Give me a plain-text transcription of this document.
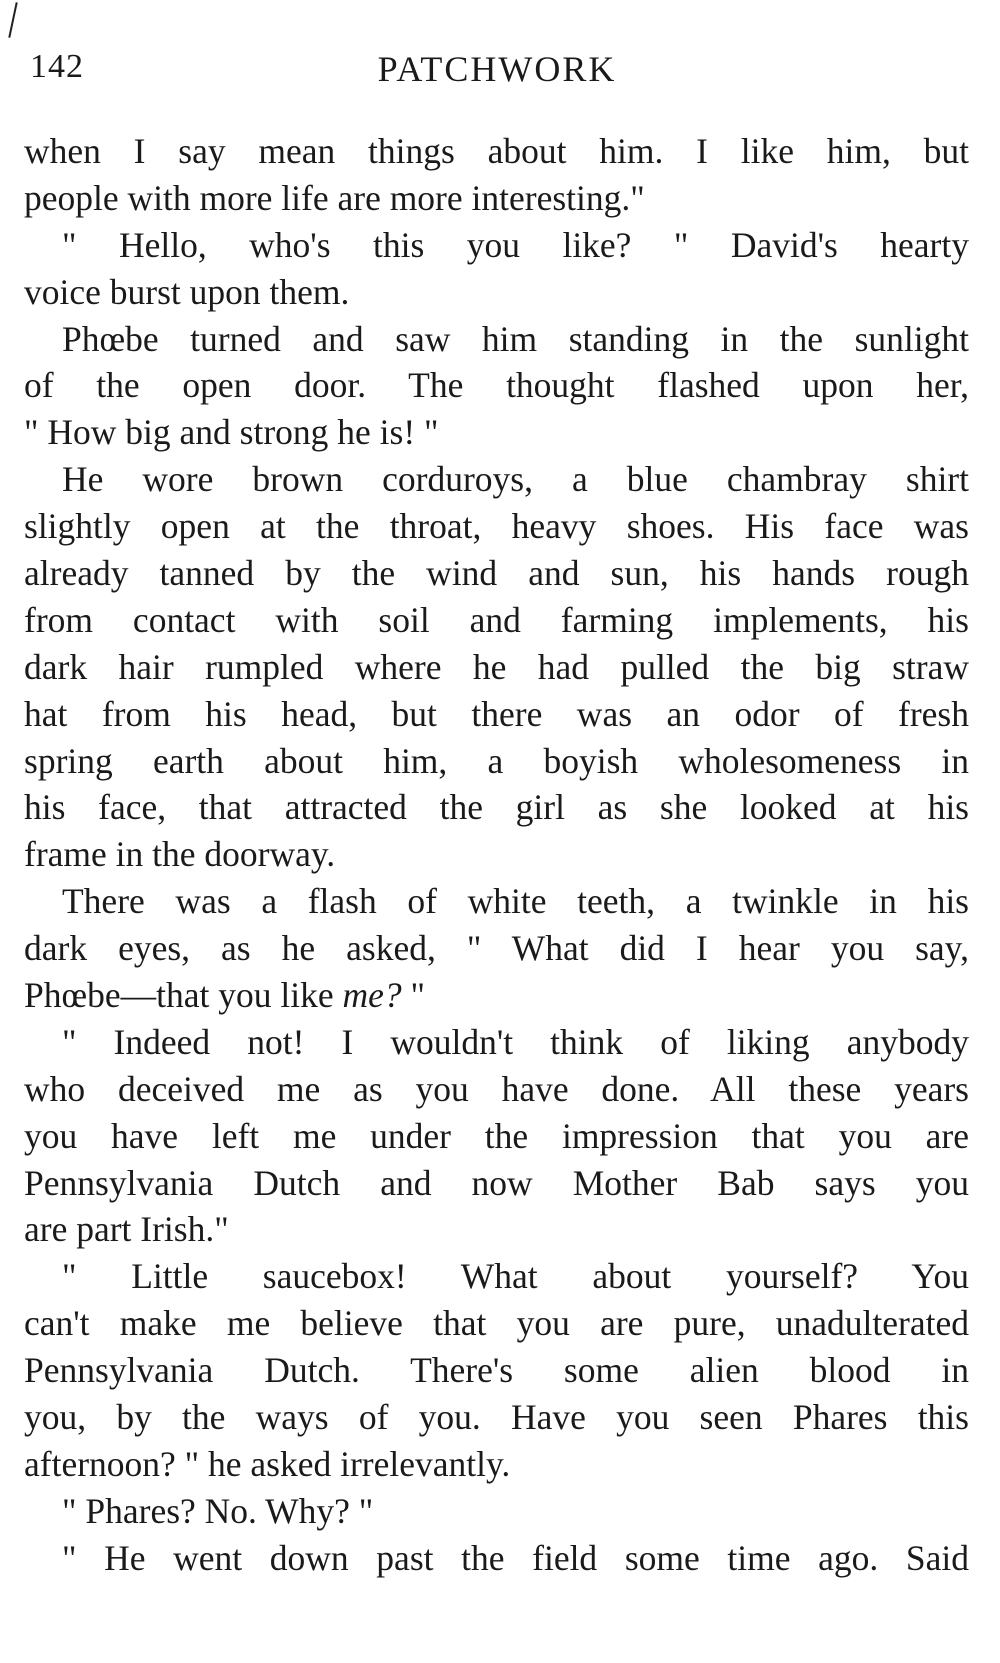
142	PATCHWORK
when I say mean things about him. I like him, but
people with more life are more interesting."
" Hello, who's this you like? " David's hearty
voice burst upon them.
Phœbe turned and saw him standing in the sunlight
of the open door. The thought flashed upon her,
" How big and strong he is! "
He wore brown corduroys, a blue chambray shirt
slightly open at the throat, heavy shoes. His face was
already tanned by the wind and sun, his hands rough
from contact with soil and farming implements, his
dark hair rumpled where he had pulled the big straw
hat from his head, but there was an odor of fresh
spring earth about him, a boyish wholesomeness in
his face, that attracted the girl as she looked at his
frame in the doorway.
There was a flash of white teeth, a twinkle in his
dark eyes, as he asked, " What did I hear you say,
Phœbe—that you like me? "
" Indeed not! I wouldn't think of liking anybody
who deceived me as you have done. All these years
you have left me under the impression that you are
Pennsylvania Dutch and now Mother Bab says you
are part Irish."
" Little saucebox! What about yourself? You
can't make me believe that you are pure, unadulterated
Pennsylvania Dutch. There's some alien blood in
you, by the ways of you. Have you seen Phares this
afternoon? " he asked irrelevantly.
" Phares? No. Why? "
" He went down past the field some time ago. Said
